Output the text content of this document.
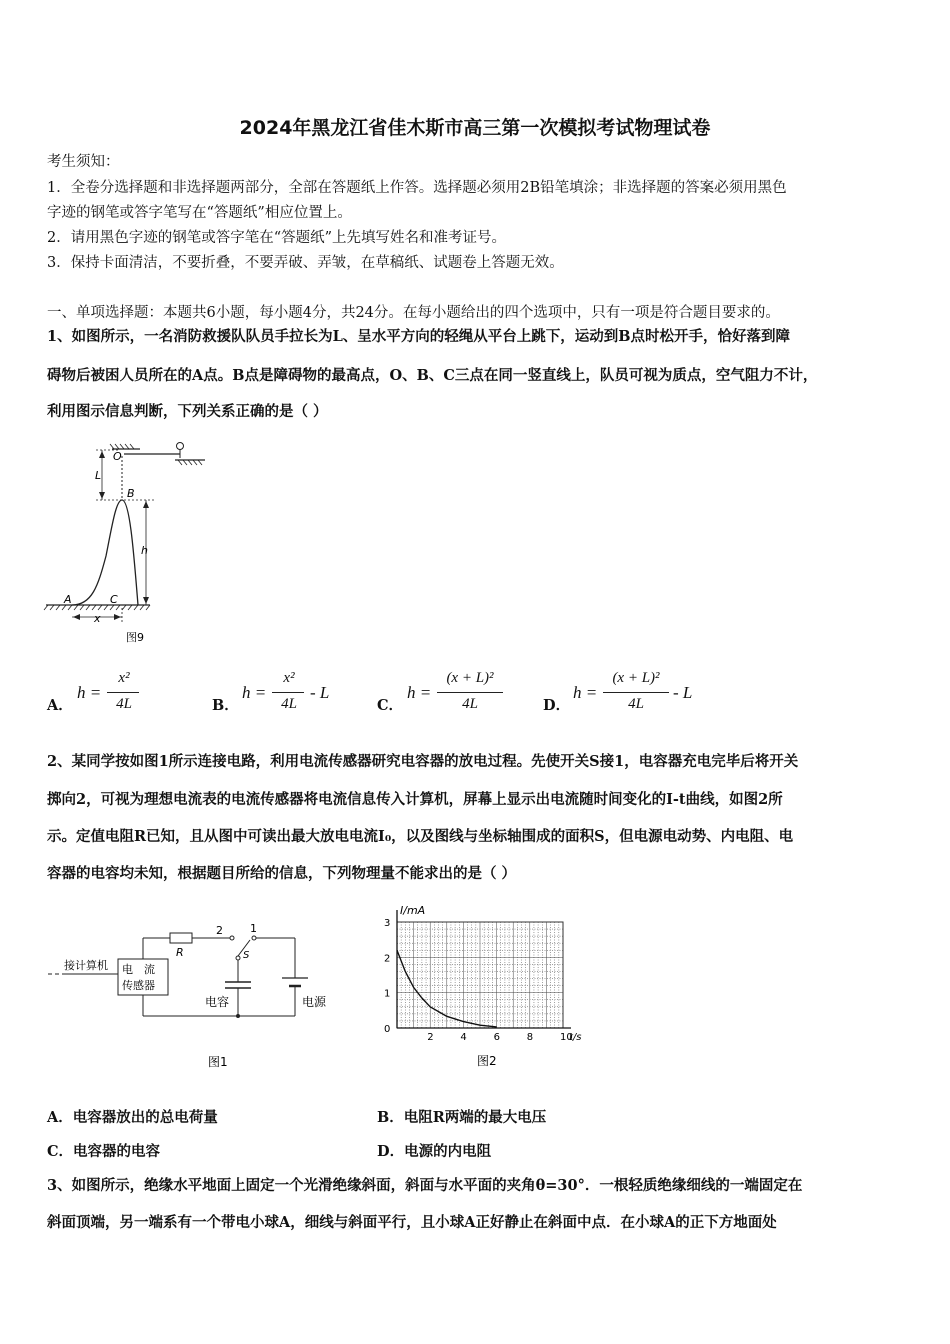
2024年黑龙江省佳木斯市高三第一次模拟考试物理试卷
考生须知：
1．全卷分选择题和非选择题两部分，全部在答题纸上作答。选择题必须用2B铅笔填涂；非选择题的答案必须用黑色
字迹的钢笔或答字笔写在“答题纸”相应位置上。
2．请用黑色字迹的钢笔或答字笔在“答题纸”上先填写姓名和准考证号。
3．保持卡面清洁，不要折叠，不要弄破、弄皱，在草稿纸、试题卷上答题无效。
一、单项选择题：本题共6小题，每小题4分，共24分。在每小题给出的四个选项中，只有一项是符合题目要求的。
1、如图所示，一名消防救援队队员手拉长为L、呈水平方向的轻绳从平台上跳下，运动到B点时松开手，恰好落到障
碍物后被困人员所在的A点。B点是障碍物的最高点，O、B、C三点在同一竖直线上，队员可视为质点，空气阻力不计，
利用图示信息判断，下列关系正确的是（ ）
O
L
B
h
A	C
x
图9
A．
h =
x²
4L	B．
h =
x²
4L
- L
C．
h =
(x + L)²
4L	D．
h =
(x + L)²
4L
- L
2、某同学按如图1所示连接电路，利用电流传感器研究电容器的放电过程。先使开关S接1，电容器充电完毕后将开关
掷向2，可视为理想电流表的电流传感器将电流信息传入计算机，屏幕上显示出电流随时间变化的I-t曲线，如图2所
示。定值电阻R已知，且从图中可读出最大放电电流I₀，以及图线与坐标轴围成的面积S，但电源电动势、内电阻、电
容器的电容均未知，根据题目所给的信息，下列物理量不能求出的是（ ）
接计算机 电　流
传感器
R
2 1
S
电容	电源
图1
0
1
2
3
2	4	6	8	10
I/mA
t/s
图2
A．电容器放出的总电荷量	B．电阻R两端的最大电压
C．电容器的电容	D．电源的内电阻
3、如图所示，绝缘水平地面上固定一个光滑绝缘斜面，斜面与水平面的夹角θ=30°．一根轻质绝缘细线的一端固定在
斜面顶端，另一端系有一个带电小球A，细线与斜面平行，且小球A正好静止在斜面中点．在小球A的正下方地面处
